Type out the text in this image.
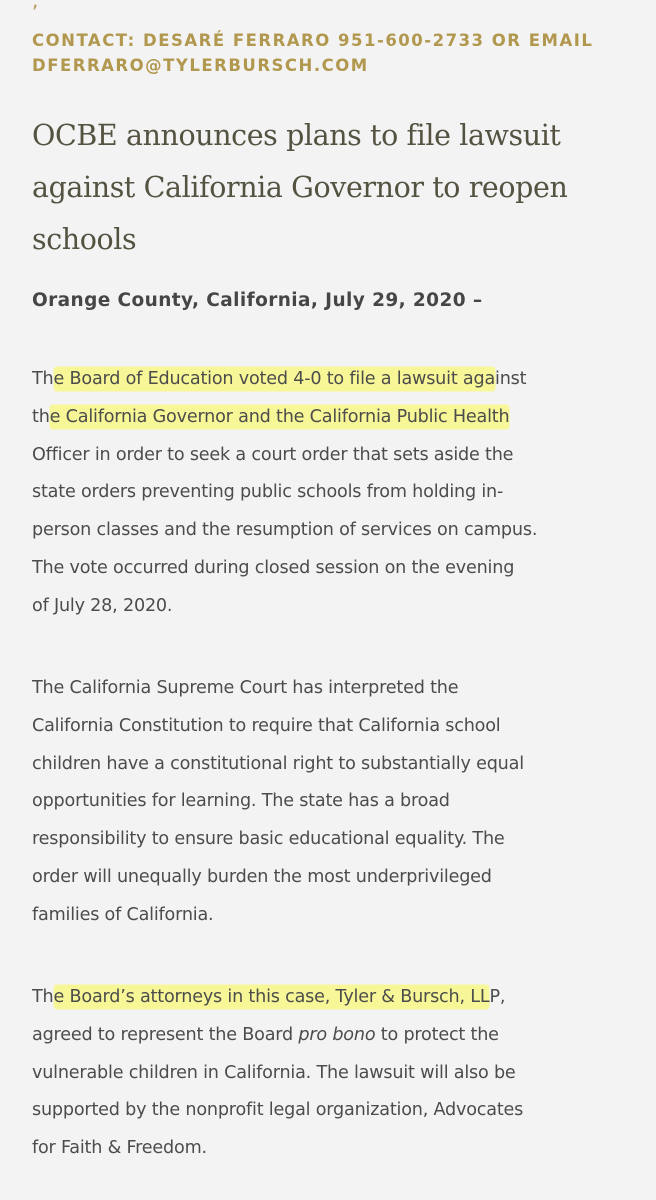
,
CONTACT: DESARÉ FERRARO 951-600-2733 OR EMAIL DFERRARO@TYLERBURSCH.COM
OCBE announces plans to file lawsuit against California Governor to reopen schools
Orange County, California, July 29, 2020 –
The Board of Education voted 4-0 to file a lawsuit against
the California Governor and the California Public Health
Officer in order to seek a court order that sets aside the
state orders preventing public schools from holding in-
person classes and the resumption of services on campus.
The vote occurred during closed session on the evening
of July 28, 2020.
The California Supreme Court has interpreted the
California Constitution to require that California school
children have a constitutional right to substantially equal
opportunities for learning. The state has a broad
responsibility to ensure basic educational equality. The
order will unequally burden the most underprivileged
families of California.
The Board’s attorneys in this case, Tyler & Bursch, LLP,
agreed to represent the Board pro bono to protect the
vulnerable children in California. The lawsuit will also be
supported by the nonprofit legal organization, Advocates
for Faith & Freedom.
